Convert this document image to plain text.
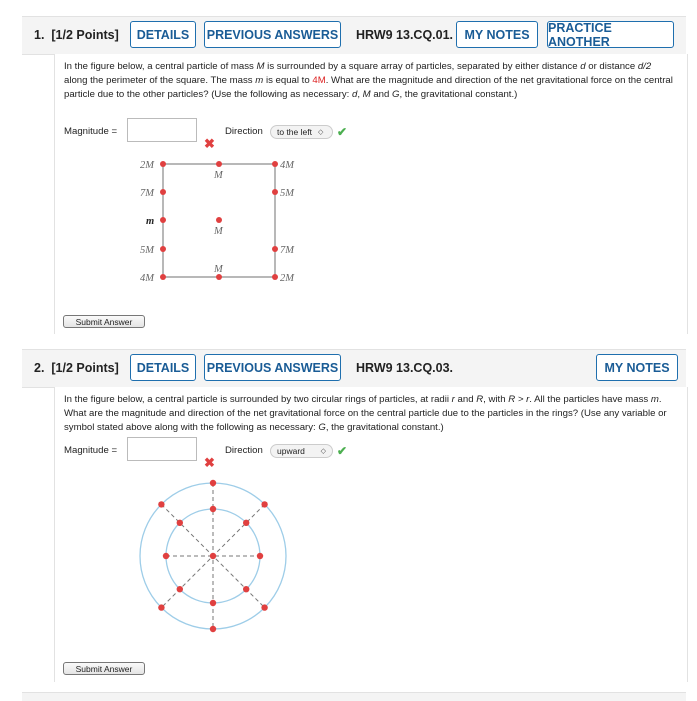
1. [1/2 Points]	DETAILS	PREVIOUS ANSWERS HRW9 13.CQ.01. MY NOTES	PRACTICE ANOTHER
In the figure below, a central particle of mass M is surrounded by a square array of particles, separated by either distance d or distance d/2 along the perimeter of the square. The mass m is equal to 4M. What are the magnitude and direction of the net gravitational force on the central particle due to the other particles? (Use the following as necessary: d, M and G, the gravitational constant.)
Magnitude =
✖
Direction to the left ◇ ✔
2M
M
4M
7M	5M
m
M
5M	7M
4M
M
2M
Submit Answer
2. [1/2 Points]	DETAILS	PREVIOUS ANSWERS HRW9 13.CQ.03.	MY NOTES
In the figure below, a central particle is surrounded by two circular rings of particles, at radii r and R, with R > r. All the particles have mass m. What are the magnitude and direction of the net gravitational force on the central particle due to the particles in the rings? (Use any variable or symbol stated above along with the following as necessary: G, the gravitational constant.)
Magnitude =
✖
Direction upward ◇ ✔
Submit Answer
